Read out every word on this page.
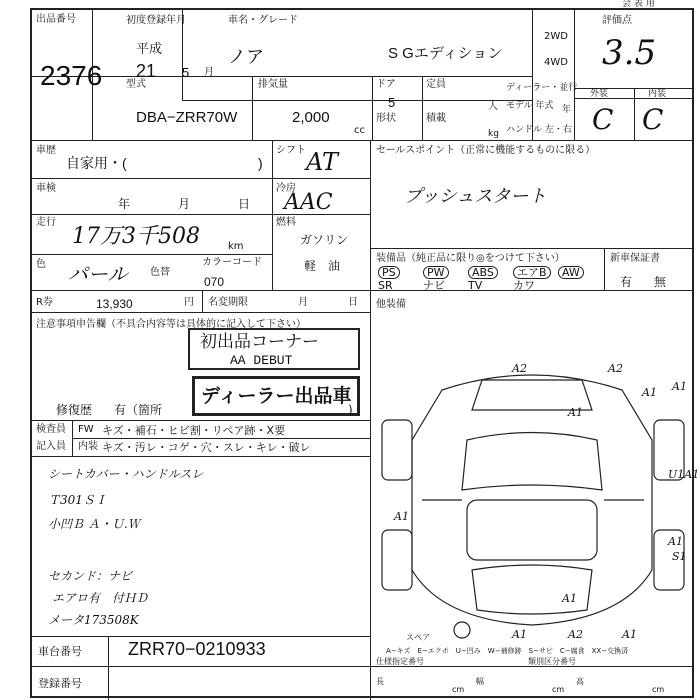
出品番号
2376
初度登録年月
平成
21 5 月
車名・グレード
ノア	S Gエディション
2WD
4WD
評価点
3.5
外装	内装
C C
型式
DBA−ZRR70W
排気量
2,000
cc
ドア
5
形状
定員
人
積載
kg
ディーラー・並行
モデル 年式 年
ハンドル 左・右
車歴
自家用・(	)
シフト AT	セールスポイント（正常に機能するものに限る）
プッシュスタート
車検
年	月	日
冷房
AAC
走行
17万3千508	km
燃料
ガソリン
軽　油
色 パール 色替
カラーコード
070
装備品（純正品に限り◎をつけて下さい）	新車保証書
有 無
PS	PW	ABS	エアB	AW
SR	ナビ TV	カワ
R券	13,930	円 名変期限	月	日 他装備
注意事項申告欄（不具合内容等は具体的に記入して下さい）
初出品コーナー
AA DEBUT
ディーラー出品車
修復歴 有（箇所	)
検査員
記入員
FW キズ・補石・ヒビ割・リペア跡・X要
内装 キズ・汚レ・コゲ・穴・スレ・キレ・破レ
シートカバー・ハンドルスレ
Ｔ301ＳＩ
小凹Ｂ Ａ・Ｕ.Ｗ
セカンド：ナビ
エアロ有　付ＨＤ
メータ173508K
A2	A2
A1
A1
A1
U1A1
A1
A1
S1
A1
A1	A2	A1
スペア
A−キズ　E−エクボ　U−凹み　W−補修跡　S−サビ　C−腐食　XX−交換済
車台番号	ZRR70−0210933
登録番号
仕様指定番号	類別区分番号
長	幅	高
cm	cm	cm
会 表 用
